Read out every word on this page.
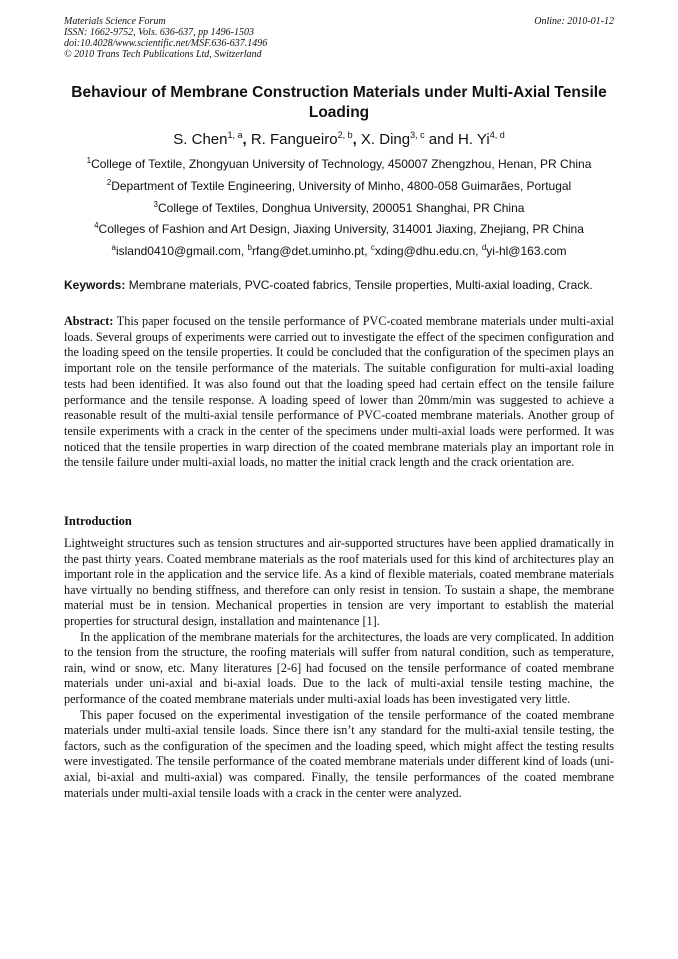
Materials Science Forum
ISSN: 1662-9752, Vols. 636-637, pp 1496-1503
doi:10.4028/www.scientific.net/MSF.636-637.1496
© 2010 Trans Tech Publications Ltd, Switzerland
Online: 2010-01-12
Behaviour of Membrane Construction Materials under Multi-Axial Tensile Loading
S. Chen$^{1, a}$, R. Fangueiro$^{2, b}$, X. Ding$^{3, c}$ and H. Yi$^{4, d}$
$^1$College of Textile, Zhongyuan University of Technology, 450007 Zhengzhou, Henan, PR China
$^2$Department of Textile Engineering, University of Minho, 4800-058 Guimarães, Portugal
$^3$College of Textiles, Donghua University, 200051 Shanghai, PR China
$^4$Colleges of Fashion and Art Design, Jiaxing University, 314001 Jiaxing, Zhejiang, PR China
$^a$island0410@gmail.com, $^b$rfang@det.uminho.pt, $^c$xding@dhu.edu.cn, $^d$yi-hl@163.com
Keywords: Membrane materials, PVC-coated fabrics, Tensile properties, Multi-axial loading, Crack.

Abstract: This paper focused on the tensile performance of PVC-coated membrane materials under multi-axial loads. Several groups of experiments were carried out to investigate the effect of the specimen configuration and the loading speed on the tensile properties. It could be concluded that the configuration of the specimen plays an important role on the tensile performance of the materials. The suitable configuration for multi-axial loading tests had been identified. It was also found out that the loading speed had certain effect on the tensile failure performance and the tensile response. A loading speed of lower than 20mm/min was suggested to achieve a reasonable result of the multi-axial tensile performance of PVC-coated membrane materials. Another group of tensile experiments with a crack in the center of the specimens under multi-axial loads were performed. It was noticed that the tensile properties in warp direction of the coated membrane materials play an important role in the tensile failure under multi-axial loads, no matter the initial crack length and the crack orientation are.

Introduction

Lightweight structures such as tension structures and air-supported structures have been applied dramatically in the past thirty years. Coated membrane materials as the roof materials used for this kind of architectures play an important role in the application and the service life. As a kind of flexible materials, coated membrane materials have virtually no bending stiffness, and therefore can only resist in tension. To sustain a shape, the membrane material must be in tension. Mechanical properties in tension are very important to establish the material properties for structural design, installation and maintenance [1].

In the application of the membrane materials for the architectures, the loads are very complicated. In addition to the tension from the structure, the roofing materials will suffer from natural condition, such as temperature, rain, wind or snow, etc. Many literatures [2-6] had focused on the tensile performance of coated membrane materials under uni-axial and bi-axial loads. Due to the lack of multi-axial tensile testing machine, the performance of the coated membrane materials under multi-axial loads has been investigated very little.

This paper focused on the experimental investigation of the tensile performance of the coated membrane materials under multi-axial tensile loads. Since there isn’t any standard for the multi-axial tensile testing, the factors, such as the configuration of the specimen and the loading speed, which might affect the testing results were investigated. The tensile performance of the coated membrane materials under different kind of loads (uni-axial, bi-axial and multi-axial) was compared. Finally, the tensile performances of the coated membrane materials under multi-axial tensile loads with a crack in the center were analyzed.
